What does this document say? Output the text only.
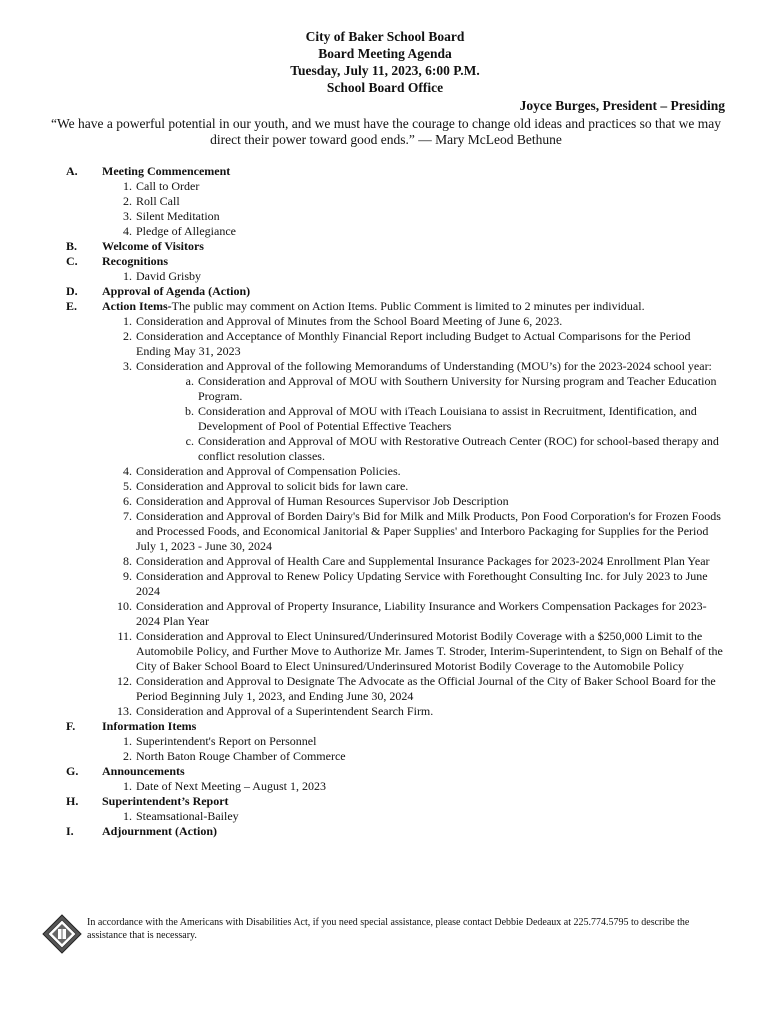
City of Baker School Board
Board Meeting Agenda
Tuesday, July 11, 2023, 6:00 P.M.
School Board Office
Joyce Burges, President – Presiding
“We have a powerful potential in our youth, and we must have the courage to change old ideas and practices so that we may direct their power toward good ends.” — Mary McLeod Bethune
A.	Meeting Commencement
1. Call to Order
2. Roll Call
3. Silent Meditation
4. Pledge of Allegiance
B.	Welcome of Visitors
C.	Recognitions
1. David Grisby
D.	Approval of Agenda (Action)
E.	Action Items-The public may comment on Action Items. Public Comment is limited to 2 minutes per individual.
1. Consideration and Approval of Minutes from the School Board Meeting of June 6, 2023.
2. Consideration and Acceptance of Monthly Financial Report including Budget to Actual Comparisons for the Period Ending May 31, 2023
3. Consideration and Approval of the following Memorandums of Understanding (MOU’s) for the 2023-2024 school year:
a. Consideration and Approval of MOU with Southern University for Nursing program and Teacher Education Program.
b. Consideration and Approval of MOU with iTeach Louisiana to assist in Recruitment, Identification, and Development of Pool of Potential Effective Teachers
c. Consideration and Approval of MOU with Restorative Outreach Center (ROC) for school-based therapy and conflict resolution classes.
4. Consideration and Approval of Compensation Policies.
5. Consideration and Approval to solicit bids for lawn care.
6. Consideration and Approval of Human Resources Supervisor Job Description
7. Consideration and Approval of Borden Dairy's Bid for Milk and Milk Products, Pon Food Corporation's for Frozen Foods and Processed Foods, and Economical Janitorial & Paper Supplies' and Interboro Packaging for Supplies for the Period July 1, 2023 - June 30, 2024
8. Consideration and Approval of Health Care and Supplemental Insurance Packages for 2023-2024 Enrollment Plan Year
9. Consideration and Approval to Renew Policy Updating Service with Forethought Consulting Inc. for July 2023 to June 2024
10. Consideration and Approval of Property Insurance, Liability Insurance and Workers Compensation Packages for 2023-2024 Plan Year
11. Consideration and Approval to Elect Uninsured/Underinsured Motorist Bodily Coverage with a $250,000 Limit to the Automobile Policy, and Further Move to Authorize Mr. James T. Stroder, Interim-Superintendent, to Sign on Behalf of the City of Baker School Board to Elect Uninsured/Underinsured Motorist Bodily Coverage to the Automobile Policy
12. Consideration and Approval to Designate The Advocate as the Official Journal of the City of Baker School Board for the Period Beginning July 1, 2023, and Ending June 30, 2024
13. Consideration and Approval of a Superintendent Search Firm.
F.	Information Items
1. Superintendent's Report on Personnel
2. North Baton Rouge Chamber of Commerce
G.	Announcements
1. Date of Next Meeting – August 1, 2023
H.	Superintendent’s Report
1. Steamsational-Bailey
I.	Adjournment (Action)
In accordance with the Americans with Disabilities Act, if you need special assistance, please contact Debbie Dedeaux at 225.774.5795 to describe the assistance that is necessary.
